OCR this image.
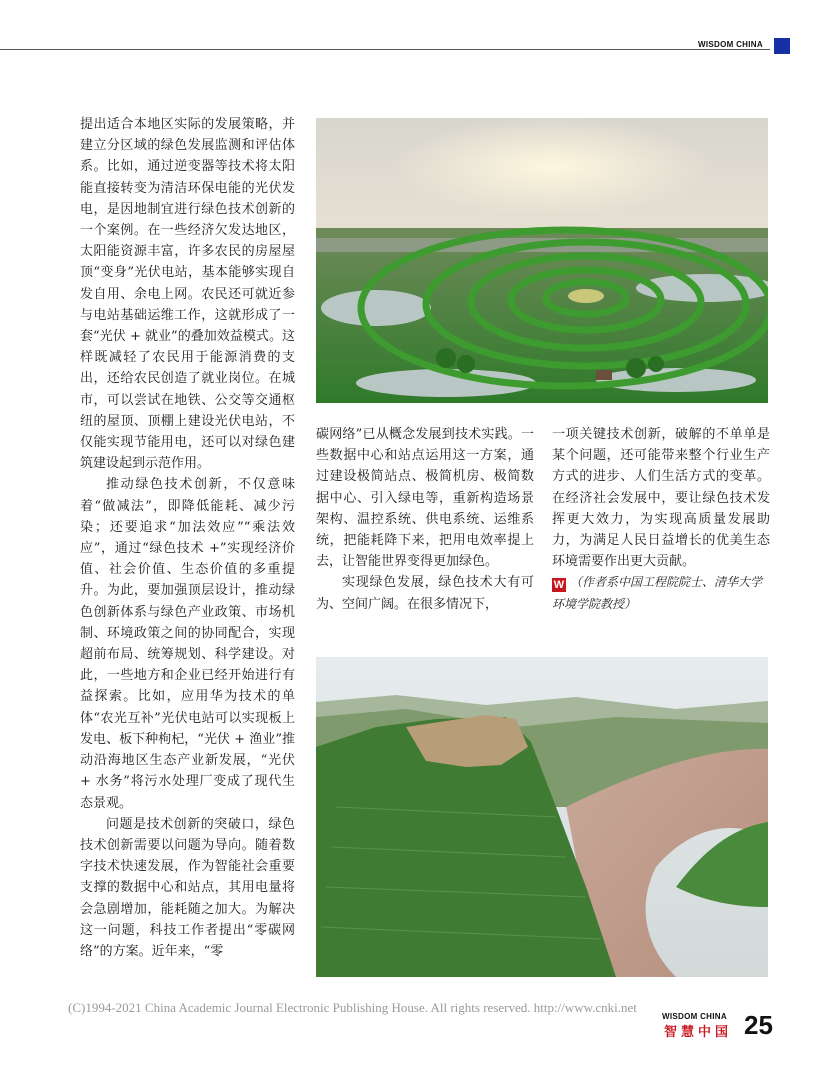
WISDOM CHINA

提出适合本地区实际的发展策略，并建立分区域的绿色发展监测和评估体系。比如，通过逆变器等技术将太阳能直接转变为清洁环保电能的光伏发电，是因地制宜进行绿色技术创新的一个案例。在一些经济欠发达地区，太阳能资源丰富，许多农民的房屋屋顶“变身”光伏电站，基本能够实现自发自用、余电上网。农民还可就近参与电站基础运维工作，这就形成了一套“光伏 + 就业”的叠加效益模式。这样既减轻了农民用于能源消费的支出，还给农民创造了就业岗位。在城市，可以尝试在地铁、公交等交通枢纽的屋顶、顶棚上建设光伏电站，不仅能实现节能用电，还可以对绿色建筑建设起到示范作用。

推动绿色技术创新，不仅意味着“做减法”，即降低能耗、减少污染；还要追求“加法效应”“乘法效应”，通过“绿色技术 +”实现经济价值、社会价值、生态价值的多重提升。为此，要加强顶层设计，推动绿色创新体系与绿色产业政策、市场机制、环境政策之间的协同配合，实现超前布局、统筹规划、科学建设。对此，一些地方和企业已经开始进行有益探索。比如，应用华为技术的单体“农光互补”光伏电站可以实现板上发电、板下种枸杞，“光伏 + 渔业”推动沿海地区生态产业新发展，“光伏 + 水务”将污水处理厂变成了现代生态景观。

问题是技术创新的突破口，绿色技术创新需要以问题为导向。随着数字技术快速发展，作为智能社会重要支撑的数据中心和站点，其用电量将会急剧增加，能耗随之加大。为解决这一问题，科技工作者提出“零碳网络”的方案。近年来，“零

碳网络”已从概念发展到技术实践。一些数据中心和站点运用这一方案，通过建设极简站点、极简机房、极简数据中心、引入绿电等，重新构造场景架构、温控系统、供电系统、运维系统，把能耗降下来，把用电效率提上去，让智能世界变得更加绿色。

实现绿色发展，绿色技术大有可为、空间广阔。在很多情况下，

一项关键技术创新，破解的不单单是某个问题，还可能带来整个行业生产方式的进步、人们生活方式的变革。在经济社会发展中，要让绿色技术发挥更大效力，为实现高质量发展助力，为满足人民日益增长的优美生态环境需要作出更大贡献。

W （作者系中国工程院院士、清华大学环境学院教授）

(C)1994-2021 China Academic Journal Electronic Publishing House. All rights reserved. http://www.cnki.net
WISDOM CHINA
智慧中国 25
